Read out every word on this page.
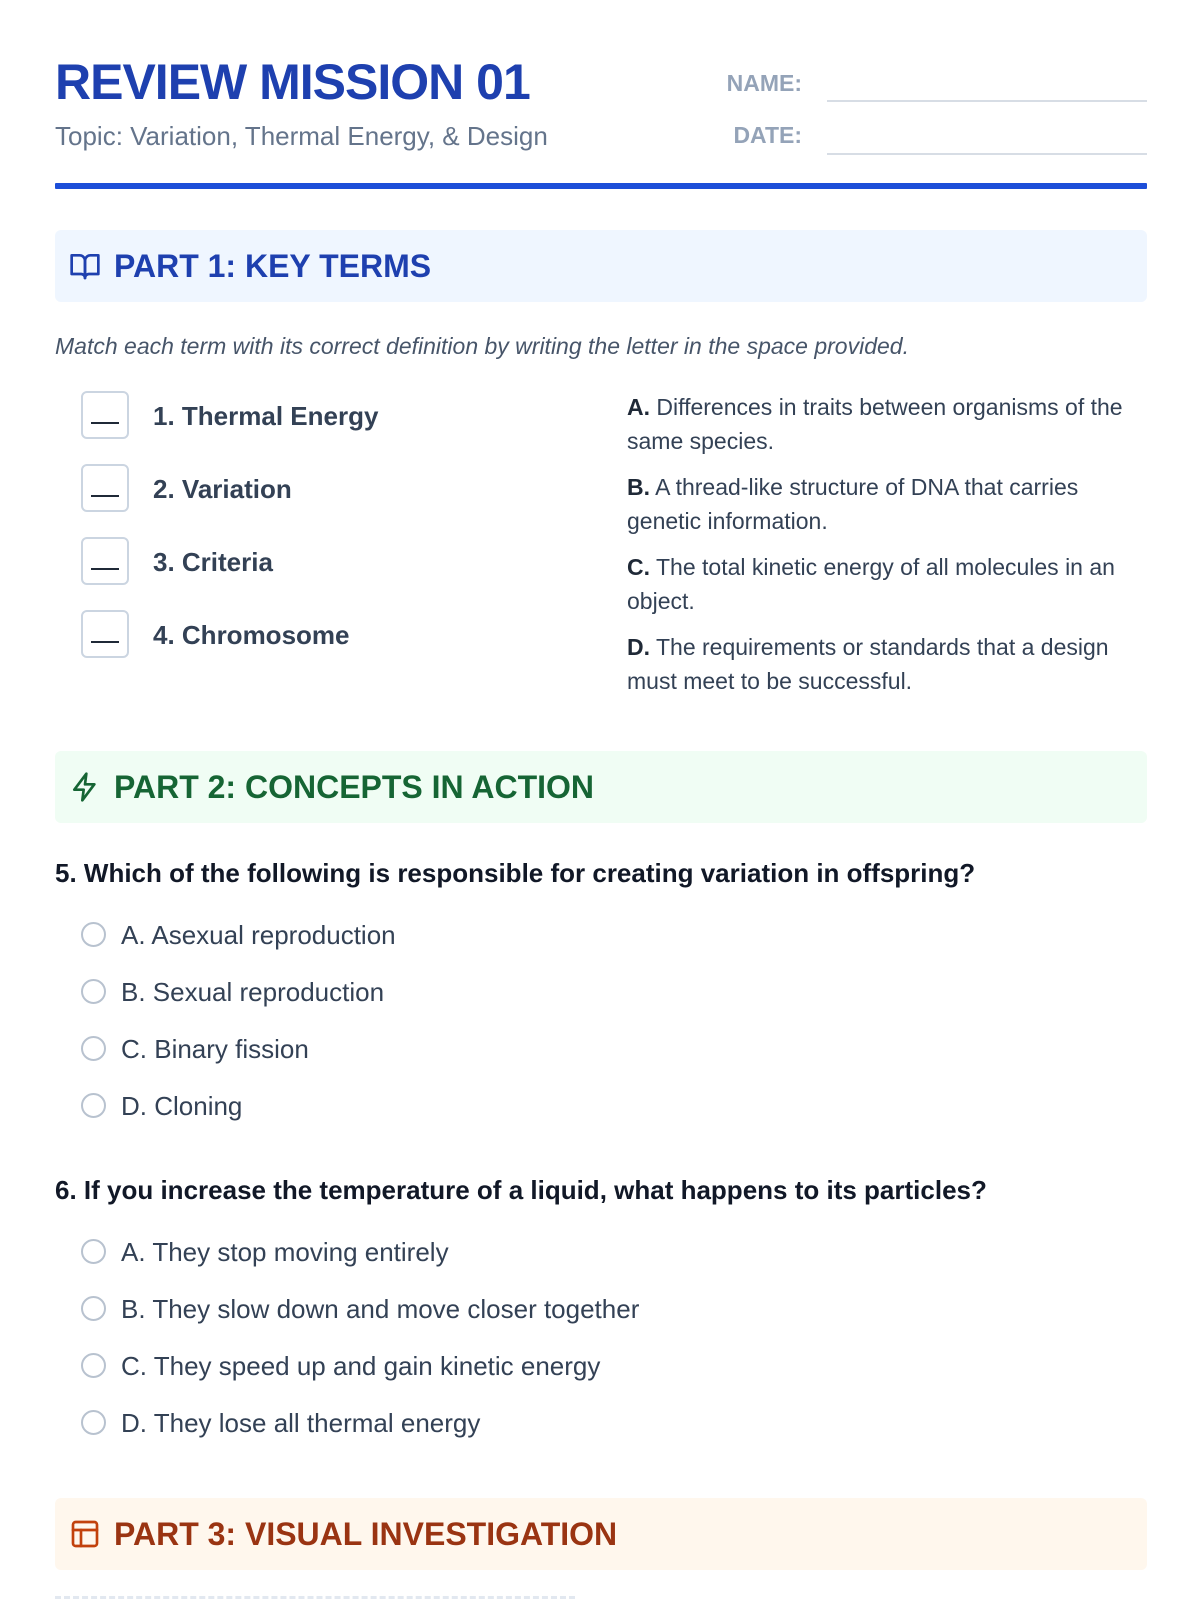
REVIEW MISSION 01
Topic: Variation, Thermal Energy, & Design
NAME:
DATE:
PART 1: KEY TERMS
Match each term with its correct definition by writing the letter in the space provided.
1. Thermal Energy
2. Variation
3. Criteria
4. Chromosome
A. Differences in traits between organisms of the same species.
B. A thread-like structure of DNA that carries genetic information.
C. The total kinetic energy of all molecules in an object.
D. The requirements or standards that a design must meet to be successful.
PART 2: CONCEPTS IN ACTION
5. Which of the following is responsible for creating variation in offspring?
A. Asexual reproduction
B. Sexual reproduction
C. Binary fission
D. Cloning
6. If you increase the temperature of a liquid, what happens to its particles?
A. They stop moving entirely
B. They slow down and move closer together
C. They speed up and gain kinetic energy
D. They lose all thermal energy
PART 3: VISUAL INVESTIGATION
